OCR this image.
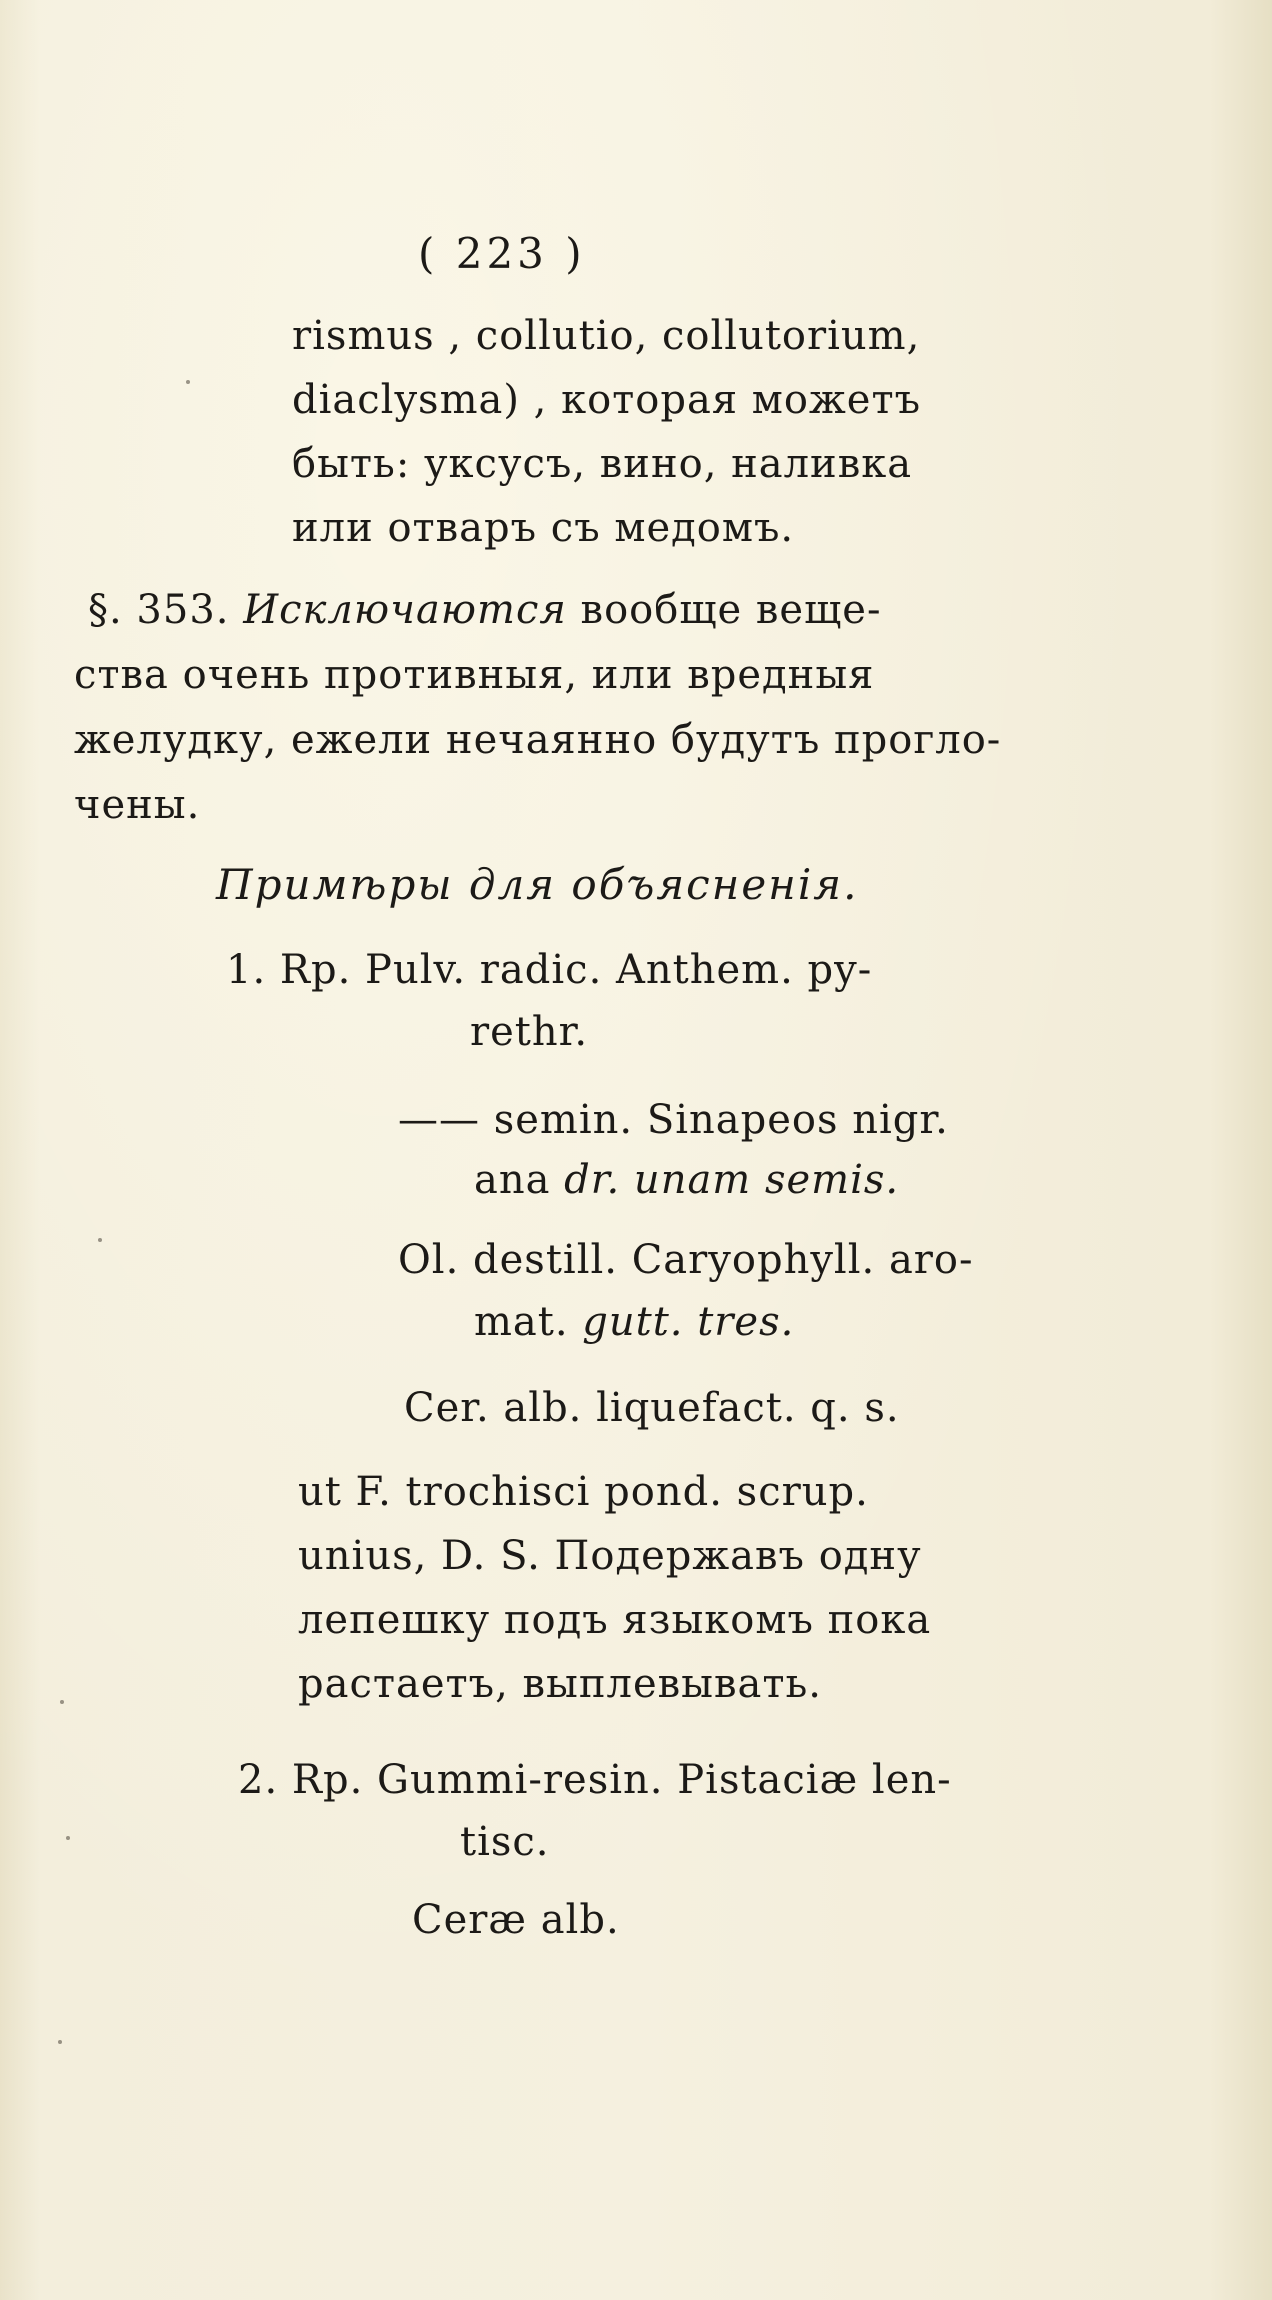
( 223 )
rismus , collutio, collutorium,
diaclysma) , которая можетъ
быть: уксусъ, вино, наливка
или отваръ съ медомъ.
§. 353. Исключаются вообще веще-
ства очень противныя, или вредныя
желудку, ежели нечаянно будутъ прогло-
чены.
Примѣры для объясненія.
1. Rp. Pulv. radic. Anthem. py-
rethr.
—— semin. Sinapeos nigr.
ana dr. unam semis.
Ol. destill. Caryophyll. aro-
mat. gutt. tres.
Cer. alb. liquefact. q. s.
ut F. trochisci pond. scrup.
unius, D. S. Подержавъ одну
лепешку подъ языкомъ пока
растаетъ, выплевывать.
2. Rp. Gummi-resin. Pistaciæ len-
tisc.
Ceræ alb.
